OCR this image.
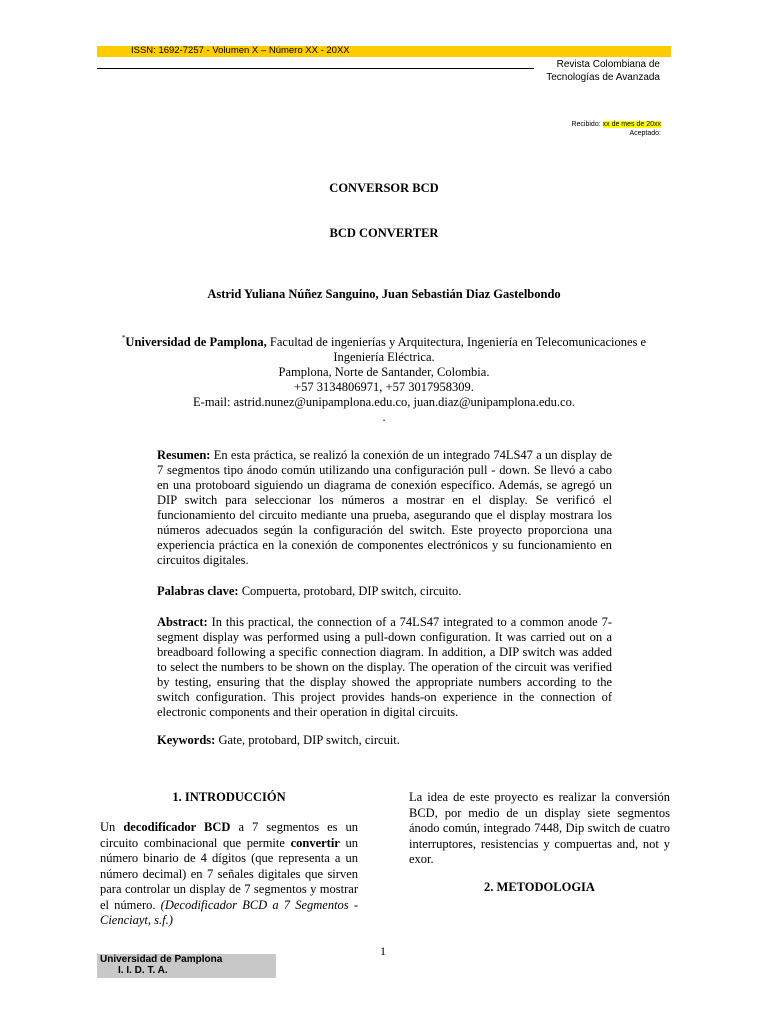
ISSN: 1692-7257 - Volumen X – Número XX - 20XX
Revista Colombiana de
Tecnologías de Avanzada
Recibido: xx de mes de 20xx
Aceptado:
CONVERSOR BCD
BCD CONVERTER
Astrid Yuliana Núñez Sanguino, Juan Sebastián Diaz Gastelbondo
*Universidad de Pamplona, Facultad de ingenierías y Arquitectura, Ingeniería en Telecomunicaciones e Ingeniería Eléctrica.
Pamplona, Norte de Santander, Colombia.
+57 3134806971, +57 3017958309.
E-mail: astrid.nunez@unipamplona.edu.co, juan.diaz@unipamplona.edu.co.
.
Resumen: En esta práctica, se realizó la conexión de un integrado 74LS47 a un display de 7 segmentos tipo ánodo común utilizando una configuración pull - down. Se llevó a cabo en una protoboard siguiendo un diagrama de conexión específico. Además, se agregó un DIP switch para seleccionar los números a mostrar en el display. Se verificó el funcionamiento del circuito mediante una prueba, asegurando que el display mostrara los números adecuados según la configuración del switch. Este proyecto proporciona una experiencia práctica en la conexión de componentes electrónicos y su funcionamiento en circuitos digitales.
Palabras clave: Compuerta, protobard, DIP switch, circuito.
Abstract: In this practical, the connection of a 74LS47 integrated to a common anode 7-segment display was performed using a pull-down configuration. It was carried out on a breadboard following a specific connection diagram. In addition, a DIP switch was added to select the numbers to be shown on the display. The operation of the circuit was verified by testing, ensuring that the display showed the appropriate numbers according to the switch configuration. This project provides hands-on experience in the connection of electronic components and their operation in digital circuits.
Keywords: Gate, protobard, DIP switch, circuit.
1. INTRODUCCIÓN
Un decodificador BCD a 7 segmentos es un circuito combinacional que permite convertir un número binario de 4 dígitos (que representa a un número decimal) en 7 señales digitales que sirven para controlar un display de 7 segmentos y mostrar el número. (Decodificador BCD a 7 Segmentos - Cienciayt, s.f.)
La idea de este proyecto es realizar la conversión BCD, por medio de un display siete segmentos ánodo común, integrado 7448, Dip switch de cuatro interruptores, resistencias y compuertas and, not y exor.
2. METODOLOGIA
1
Universidad de Pamplona
I. I. D. T. A.
